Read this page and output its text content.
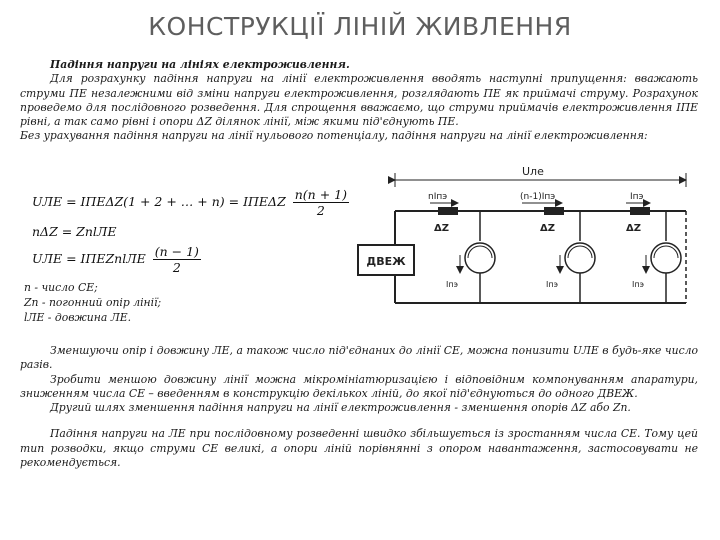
КОНСТРУКЦІЇ ЛІНІЙ ЖИВЛЕННЯ

Падіння напруги на лініях електроживлення.

Для розрахунку падіння напруги на лінії електроживлення вводять наступні припущення: вважають струми ПЕ незалежними від зміни напруги електроживлення, розглядають ПЕ як приймачі струму. Розрахунок проведемо для послідовного розведення. Для спрощення вважаємо, що струми приймачів електроживлення IПЕ рівні, а так само рівні і опори ΔZ ділянок лінії, між якими під'єднують ПЕ.

Без урахування падіння напруги на лінії нульового потенціалу, падіння напруги на лінії електроживлення:

UЛЕ = IПЕΔZ(1 + 2 + … + n) = IПЕΔZ $\frac{n(n + 1)}{2}$
nΔZ = ZпlЛЕ
UЛЕ = IПЕZпlЛЕ $\frac{(n - 1)}{2}$

n - число СЕ;

Zп - погонний опір лінії;

lЛЕ - довжина ЛЕ.

Uле
ДВЕЖ
nIпэ	(n-1)Iпэ	Iпэ
ΔZ	ΔZ	ΔZ
Iпэ	Iпэ	Iпэ

Зменшуючи опір і довжину ЛЕ, а також число під'єднаних до лінії СЕ, можна понизити UЛЕ в будь-яке число разів.

Зробити меншою довжину лінії можна мікромініатюризацією і відповідним компонуванням апаратури, зниженням числа СЕ – введенням в конструкцію декількох ліній, до якої під'єднуються до одного ДВЕЖ.

Другий шлях зменшення падіння напруги на лінії електроживлення - зменшення опорів ΔZ або Zп.

Падіння напруги на ЛЕ при послідовному розведенні швидко збільшується із зростанням числа СЕ. Тому цей тип розводки, якщо струми СЕ великі, а опори ліній порівнянні з опором навантаження, застосовувати не рекомендується.
